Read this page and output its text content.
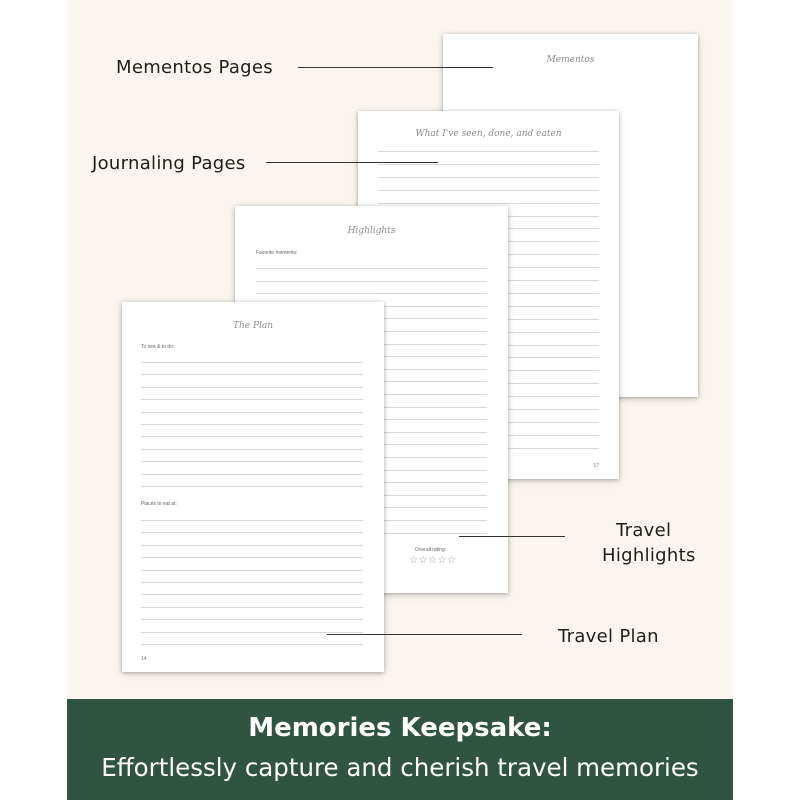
Mementos
What I've seen, done, and eaten
17
Highlights
Favorite moments:
Overall rating:
☆☆☆☆☆
The Plan
To see & to do:
Places to eat at:
14
Mementos Pages
Journaling Pages
Travel
Highlights
Travel Plan
Memories Keepsake:
Effortlessly capture and cherish travel memories
